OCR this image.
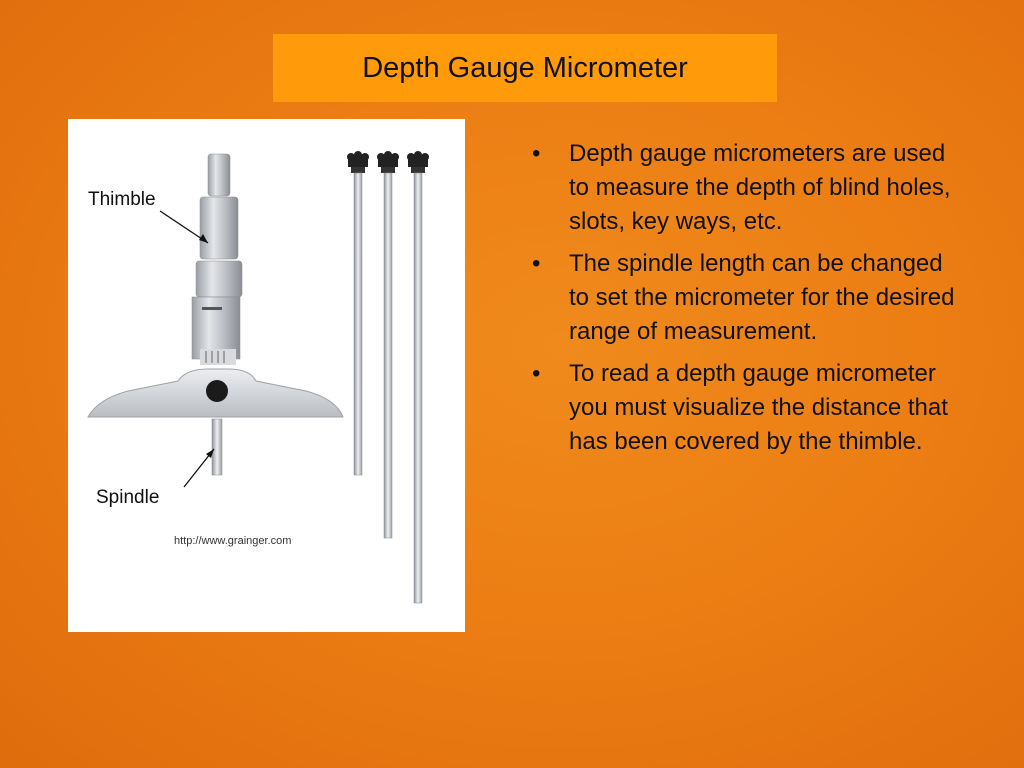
Depth Gauge Micrometer
Thimble
Spindle
http://www.grainger.com
• Depth gauge micrometers are used to measure the depth of blind holes, slots, key ways, etc.
• The spindle length can be changed to set the micrometer for the desired range of measurement.
• To read a depth gauge micrometer you must visualize the distance that has been covered by the thimble.
